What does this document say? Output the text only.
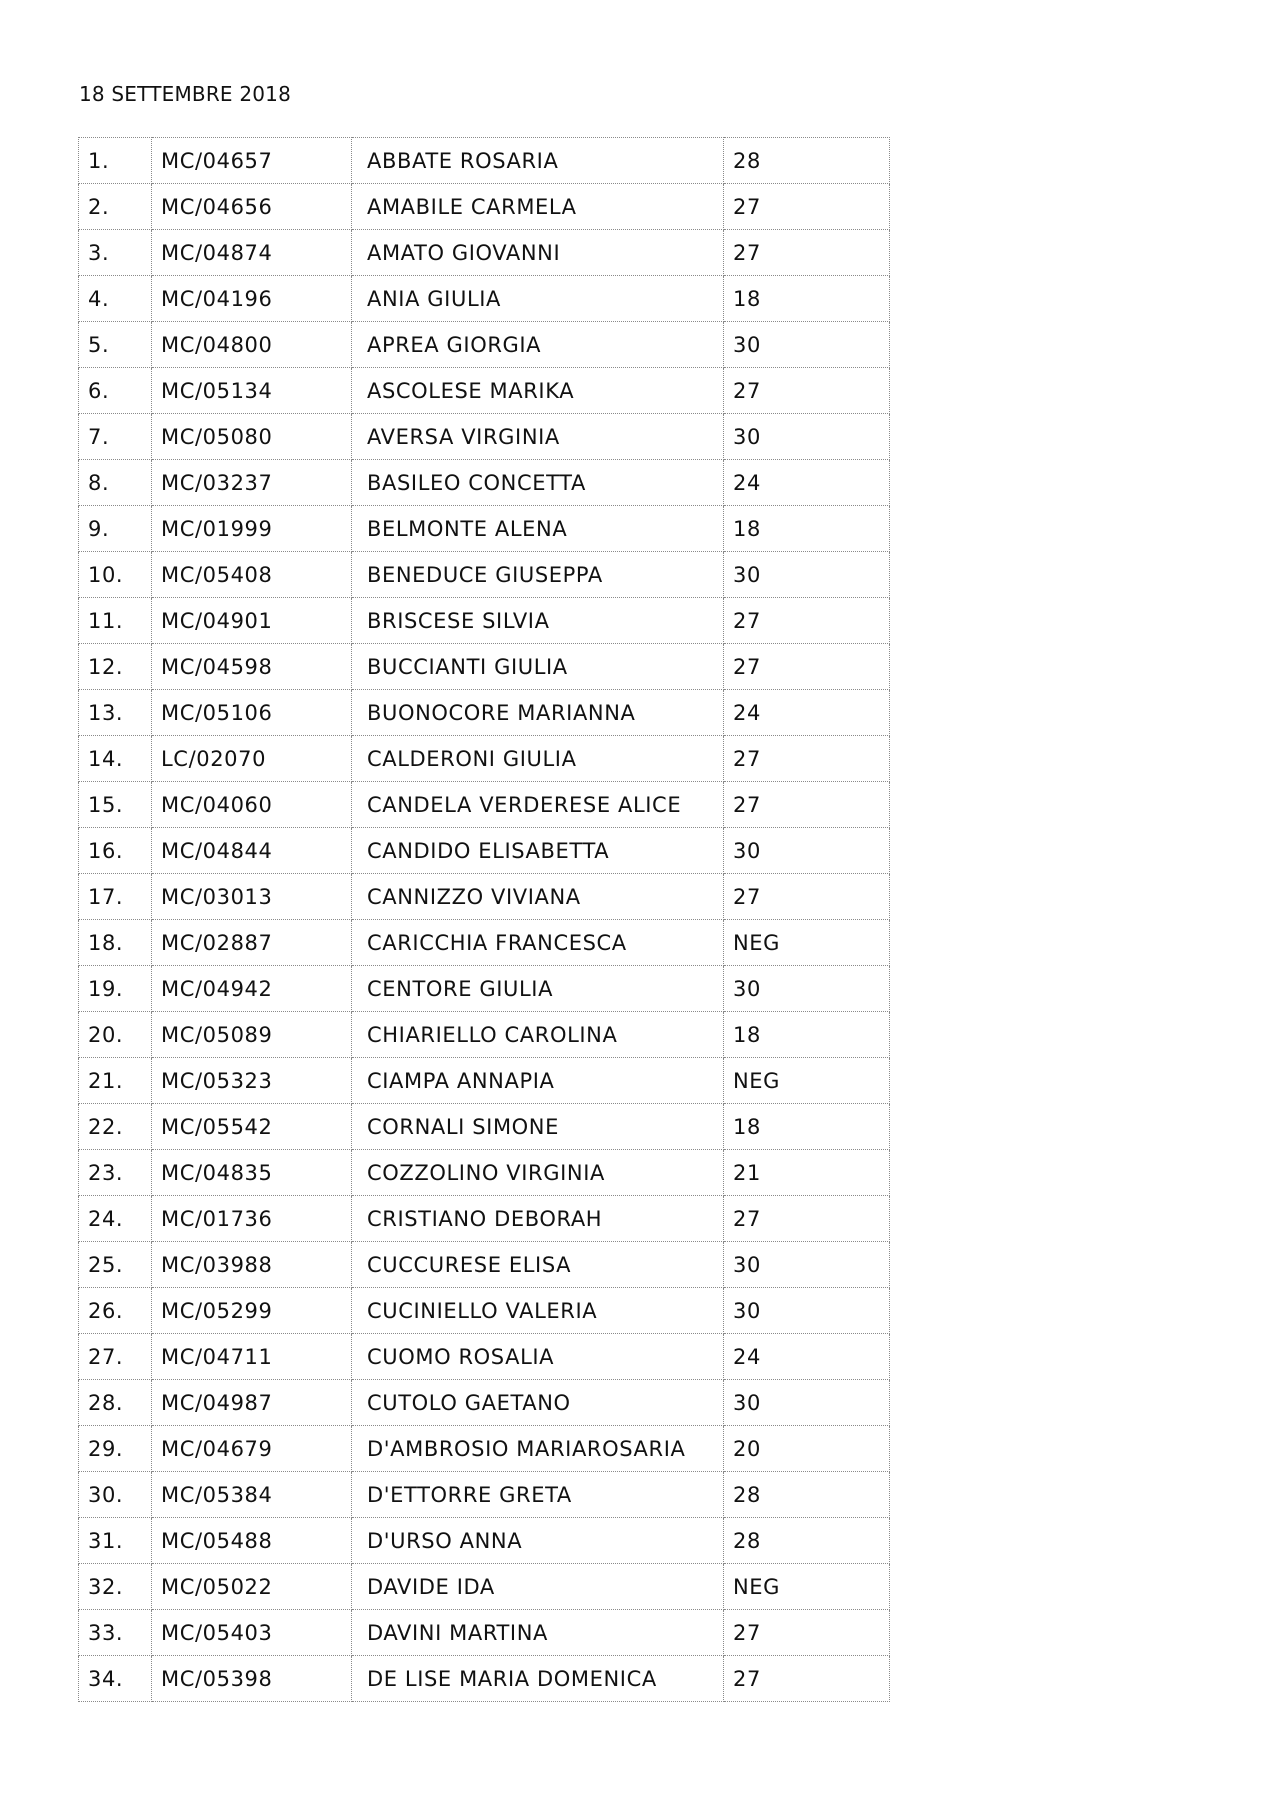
18 SETTEMBRE 2018
1.	MC/04657	ABBATE ROSARIA	28
2.	MC/04656	AMABILE CARMELA	27
3.	MC/04874	AMATO GIOVANNI	27
4.	MC/04196	ANIA GIULIA	18
5.	MC/04800	APREA GIORGIA	30
6.	MC/05134	ASCOLESE MARIKA	27
7.	MC/05080	AVERSA VIRGINIA	30
8.	MC/03237	BASILEO CONCETTA	24
9.	MC/01999	BELMONTE ALENA	18
10.	MC/05408	BENEDUCE GIUSEPPA	30
11.	MC/04901	BRISCESE SILVIA	27
12.	MC/04598	BUCCIANTI GIULIA	27
13.	MC/05106	BUONOCORE MARIANNA	24
14.	LC/02070	CALDERONI GIULIA	27
15.	MC/04060	CANDELA VERDERESE ALICE	27
16.	MC/04844	CANDIDO ELISABETTA	30
17.	MC/03013	CANNIZZO VIVIANA	27
18.	MC/02887	CARICCHIA FRANCESCA	NEG
19.	MC/04942	CENTORE GIULIA	30
20.	MC/05089	CHIARIELLO CAROLINA	18
21.	MC/05323	CIAMPA ANNAPIA	NEG
22.	MC/05542	CORNALI SIMONE	18
23.	MC/04835	COZZOLINO VIRGINIA	21
24.	MC/01736	CRISTIANO DEBORAH	27
25.	MC/03988	CUCCURESE ELISA	30
26.	MC/05299	CUCINIELLO VALERIA	30
27.	MC/04711	CUOMO ROSALIA	24
28.	MC/04987	CUTOLO GAETANO	30
29.	MC/04679	D'AMBROSIO MARIAROSARIA	20
30.	MC/05384	D'ETTORRE GRETA	28
31.	MC/05488	D'URSO ANNA	28
32.	MC/05022	DAVIDE IDA	NEG
33.	MC/05403	DAVINI MARTINA	27
34.	MC/05398	DE LISE MARIA DOMENICA	27
